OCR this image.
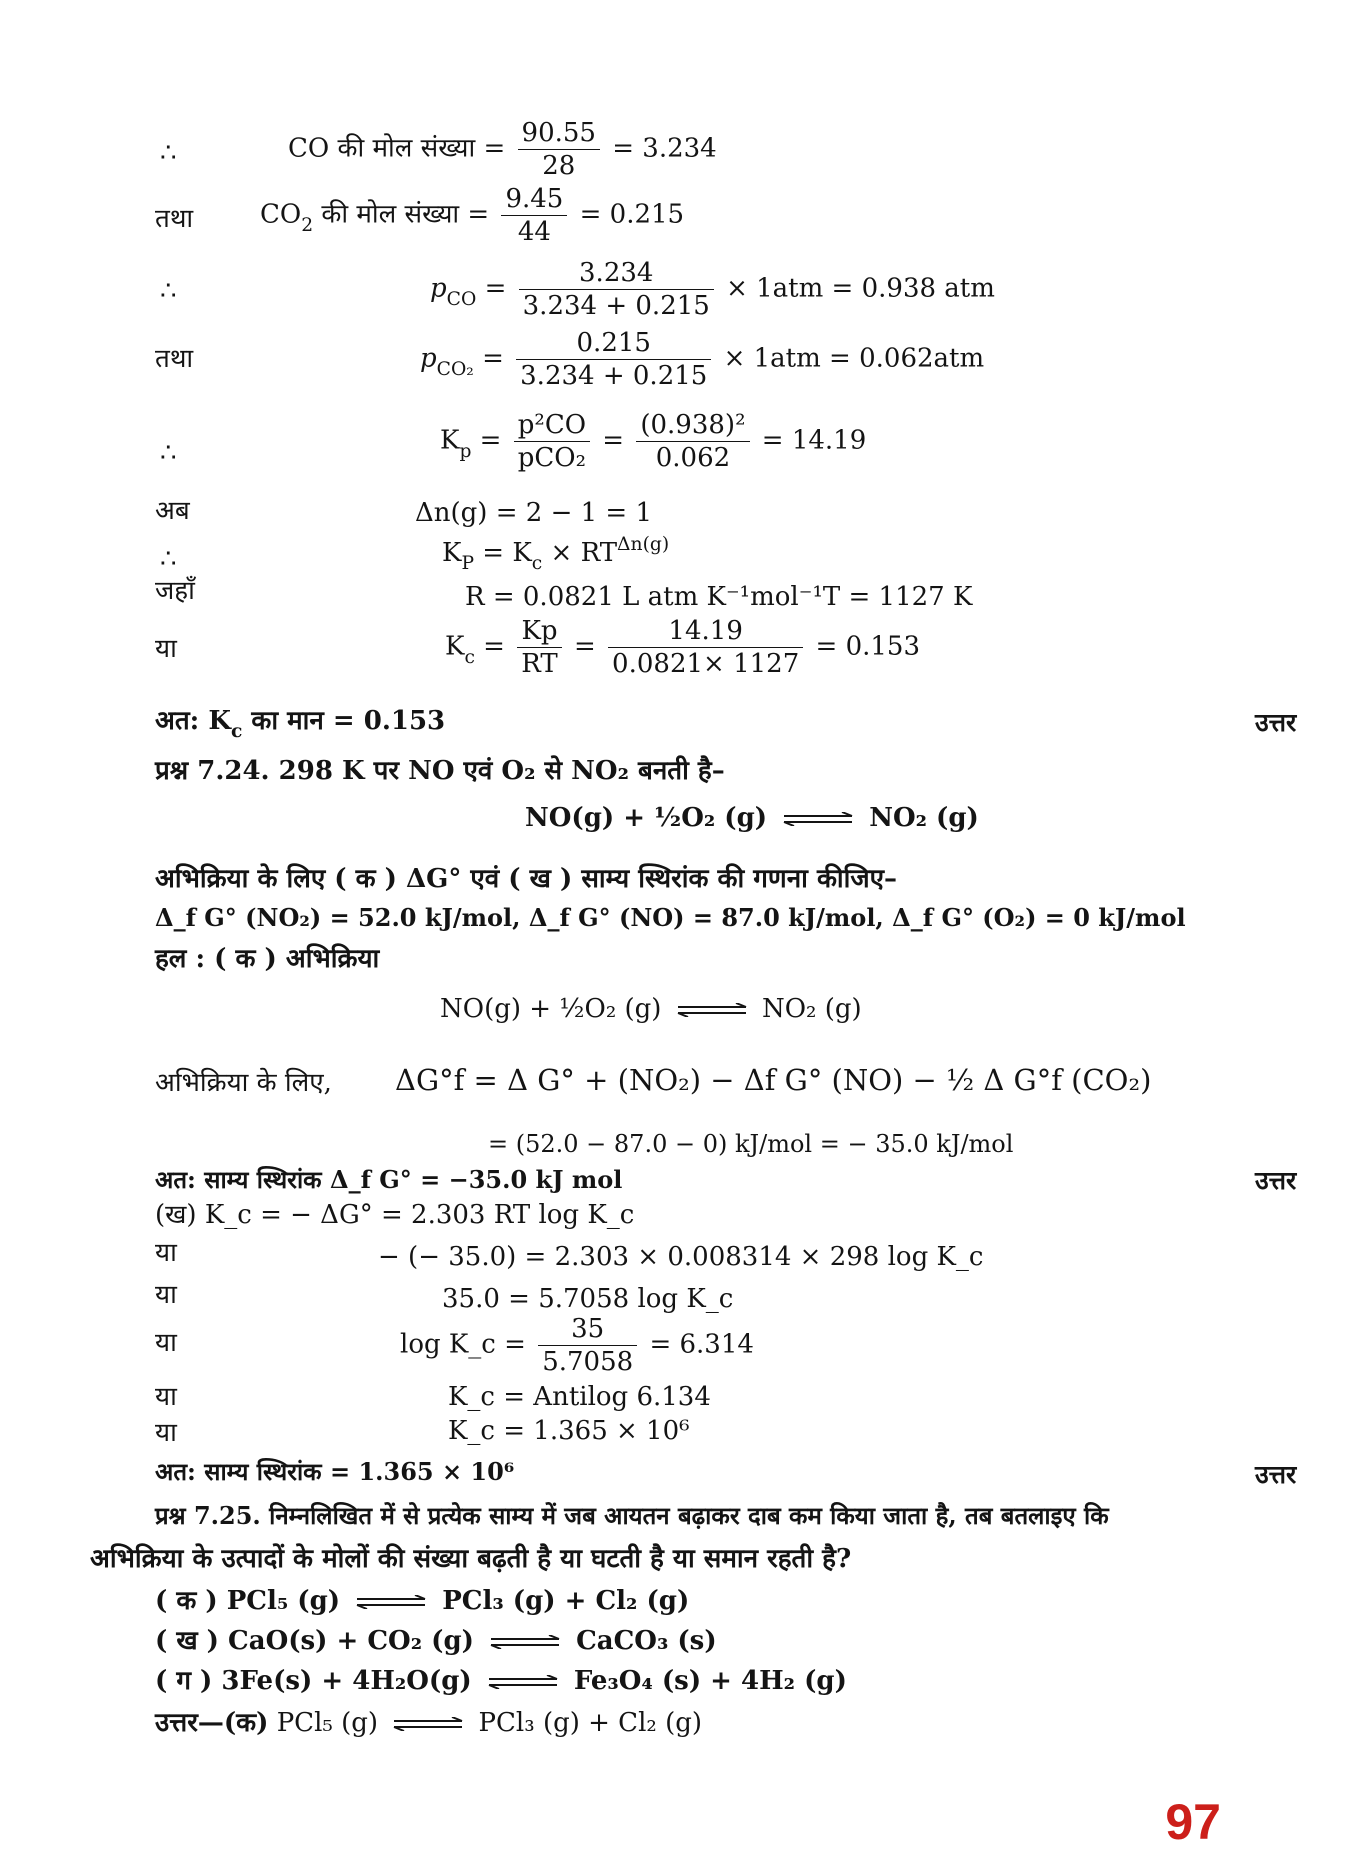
∴	CO की मोल संख्या = $\frac{90.55}{28} = 3.234$
तथा	$CO_2$ की मोल संख्या = $\frac{9.45}{44} = 0.215$
∴	$p_{CO} = \frac{3.234}{3.234 + 0.215} \times 1atm = 0.938$ atm
तथा	$p_{CO_2} = \frac{0.215}{3.234 + 0.215} \times 1atm = 0.062atm$
∴	$K_p = \frac{\text{p²CO}}{\text{pCO₂}} = \frac{\text{(0.938)²}}{0.062} = 14.19$
अब	Δn(g) = 2 − 1 = 1
∴	$K_P = K_c \times RT^{\Delta n(g)}$
जहाँ	R = 0.0821 L atm K⁻¹mol⁻¹T = 1127 K
या	$K_c = \frac{Kp}{RT} = \frac{14.19}{0.0821\times 1127} = 0.153$
अत: $K_c$ का मान = 0.153	उत्तर
प्रश्न 7.24. 298 K पर NO एवं O₂ से NO₂ बनती है–
NO(g) + ½O₂ (g) ⇌ NO₂ (g)
अभिक्रिया के लिए ( क ) ΔG° एवं ( ख ) साम्य स्थिरांक की गणना कीजिए–
Δ_f G° (NO₂) = 52.0 kJ/mol, Δ_f G° (NO) = 87.0 kJ/mol, Δ_f G° (O₂) = 0 kJ/mol
हल : ( क ) अभिक्रिया
NO(g) + ½O₂ (g) ⇌ NO₂ (g)
अभिक्रिया के लिए, ΔG°f = Δ G° + (NO₂) − Δf G° (NO) − ½ Δ G°f (CO₂)
= (52.0 − 87.0 − 0) kJ/mol = − 35.0 kJ/mol
अत: साम्य स्थिरांक Δ_f G° = −35.0 kJ mol	उत्तर
(ख) K_c = − ΔG° = 2.303 RT log K_c
या	− (− 35.0) = 2.303 × 0.008314 × 298 log K_c
या	35.0 = 5.7058 log K_c
या	log K_c = $\frac{35}{5.7058} = 6.314$
या	K_c = Antilog 6.134
या	K_c = 1.365 × 10⁶
अत: साम्य स्थिरांक = 1.365 × 10⁶	उत्तर
प्रश्न 7.25. निम्नलिखित में से प्रत्येक साम्य में जब आयतन बढ़ाकर दाब कम किया जाता है, तब बतलाइए कि
अभिक्रिया के उत्पादों के मोलों की संख्या बढ़ती है या घटती है या समान रहती है?
( क ) PCl₅ (g) ⇌ PCl₃ (g) + Cl₂ (g)
( ख ) CaO(s) + CO₂ (g) ⇌ CaCO₃ (s)
( ग ) 3Fe(s) + 4H₂O(g) ⇌ Fe₃O₄ (s) + 4H₂ (g)
उत्तर—(क) PCl₅ (g) ⇌ PCl₃ (g) + Cl₂ (g)
97
